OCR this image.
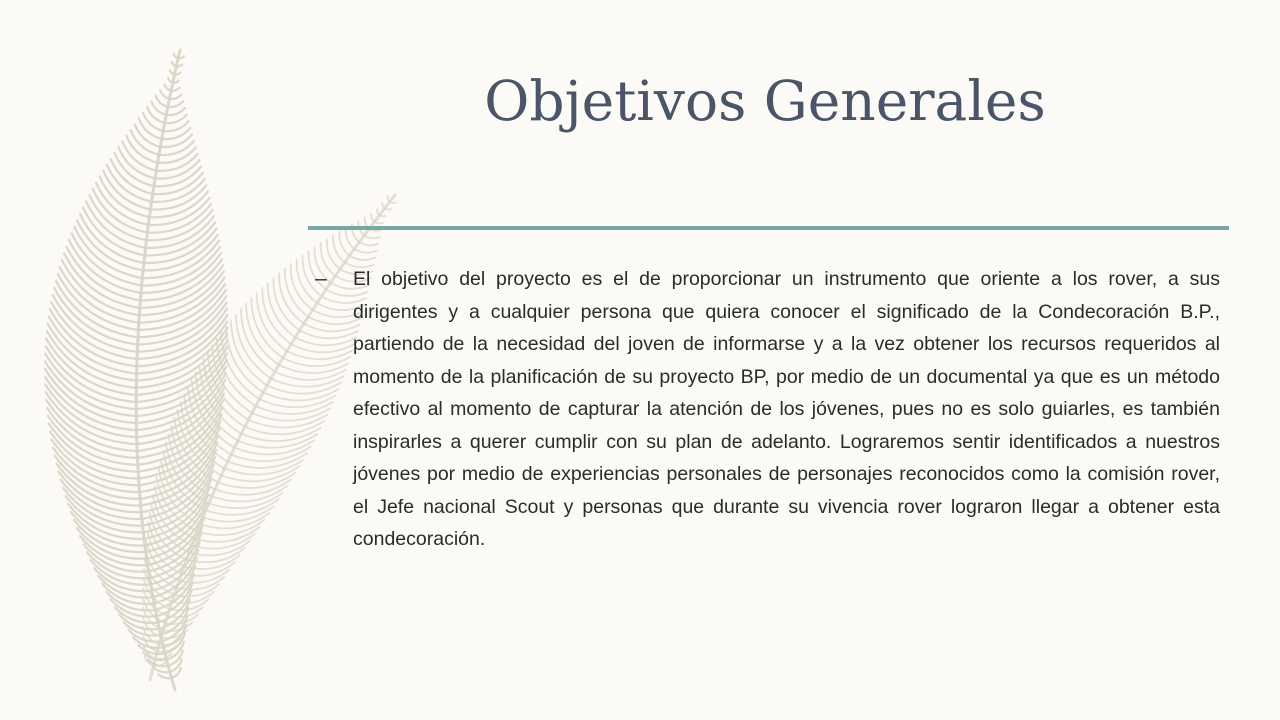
Objetivos Generales
– El objetivo del proyecto es el de proporcionar un instrumento que oriente a los rover, a sus dirigentes y a cualquier persona que quiera conocer el significado de la Condecoración B.P., partiendo de la necesidad del joven de informarse y a la vez obtener los recursos requeridos al momento de la planificación de su proyecto BP, por medio de un documental ya que es un método efectivo al momento de capturar la atención de los jóvenes, pues no es solo guiarles, es también inspirarles a querer cumplir con su plan de adelanto. Lograremos sentir identificados a nuestros jóvenes por medio de experiencias personales de personajes reconocidos como la comisión rover, el Jefe nacional Scout y personas que durante su vivencia rover lograron llegar a obtener esta condecoración.
